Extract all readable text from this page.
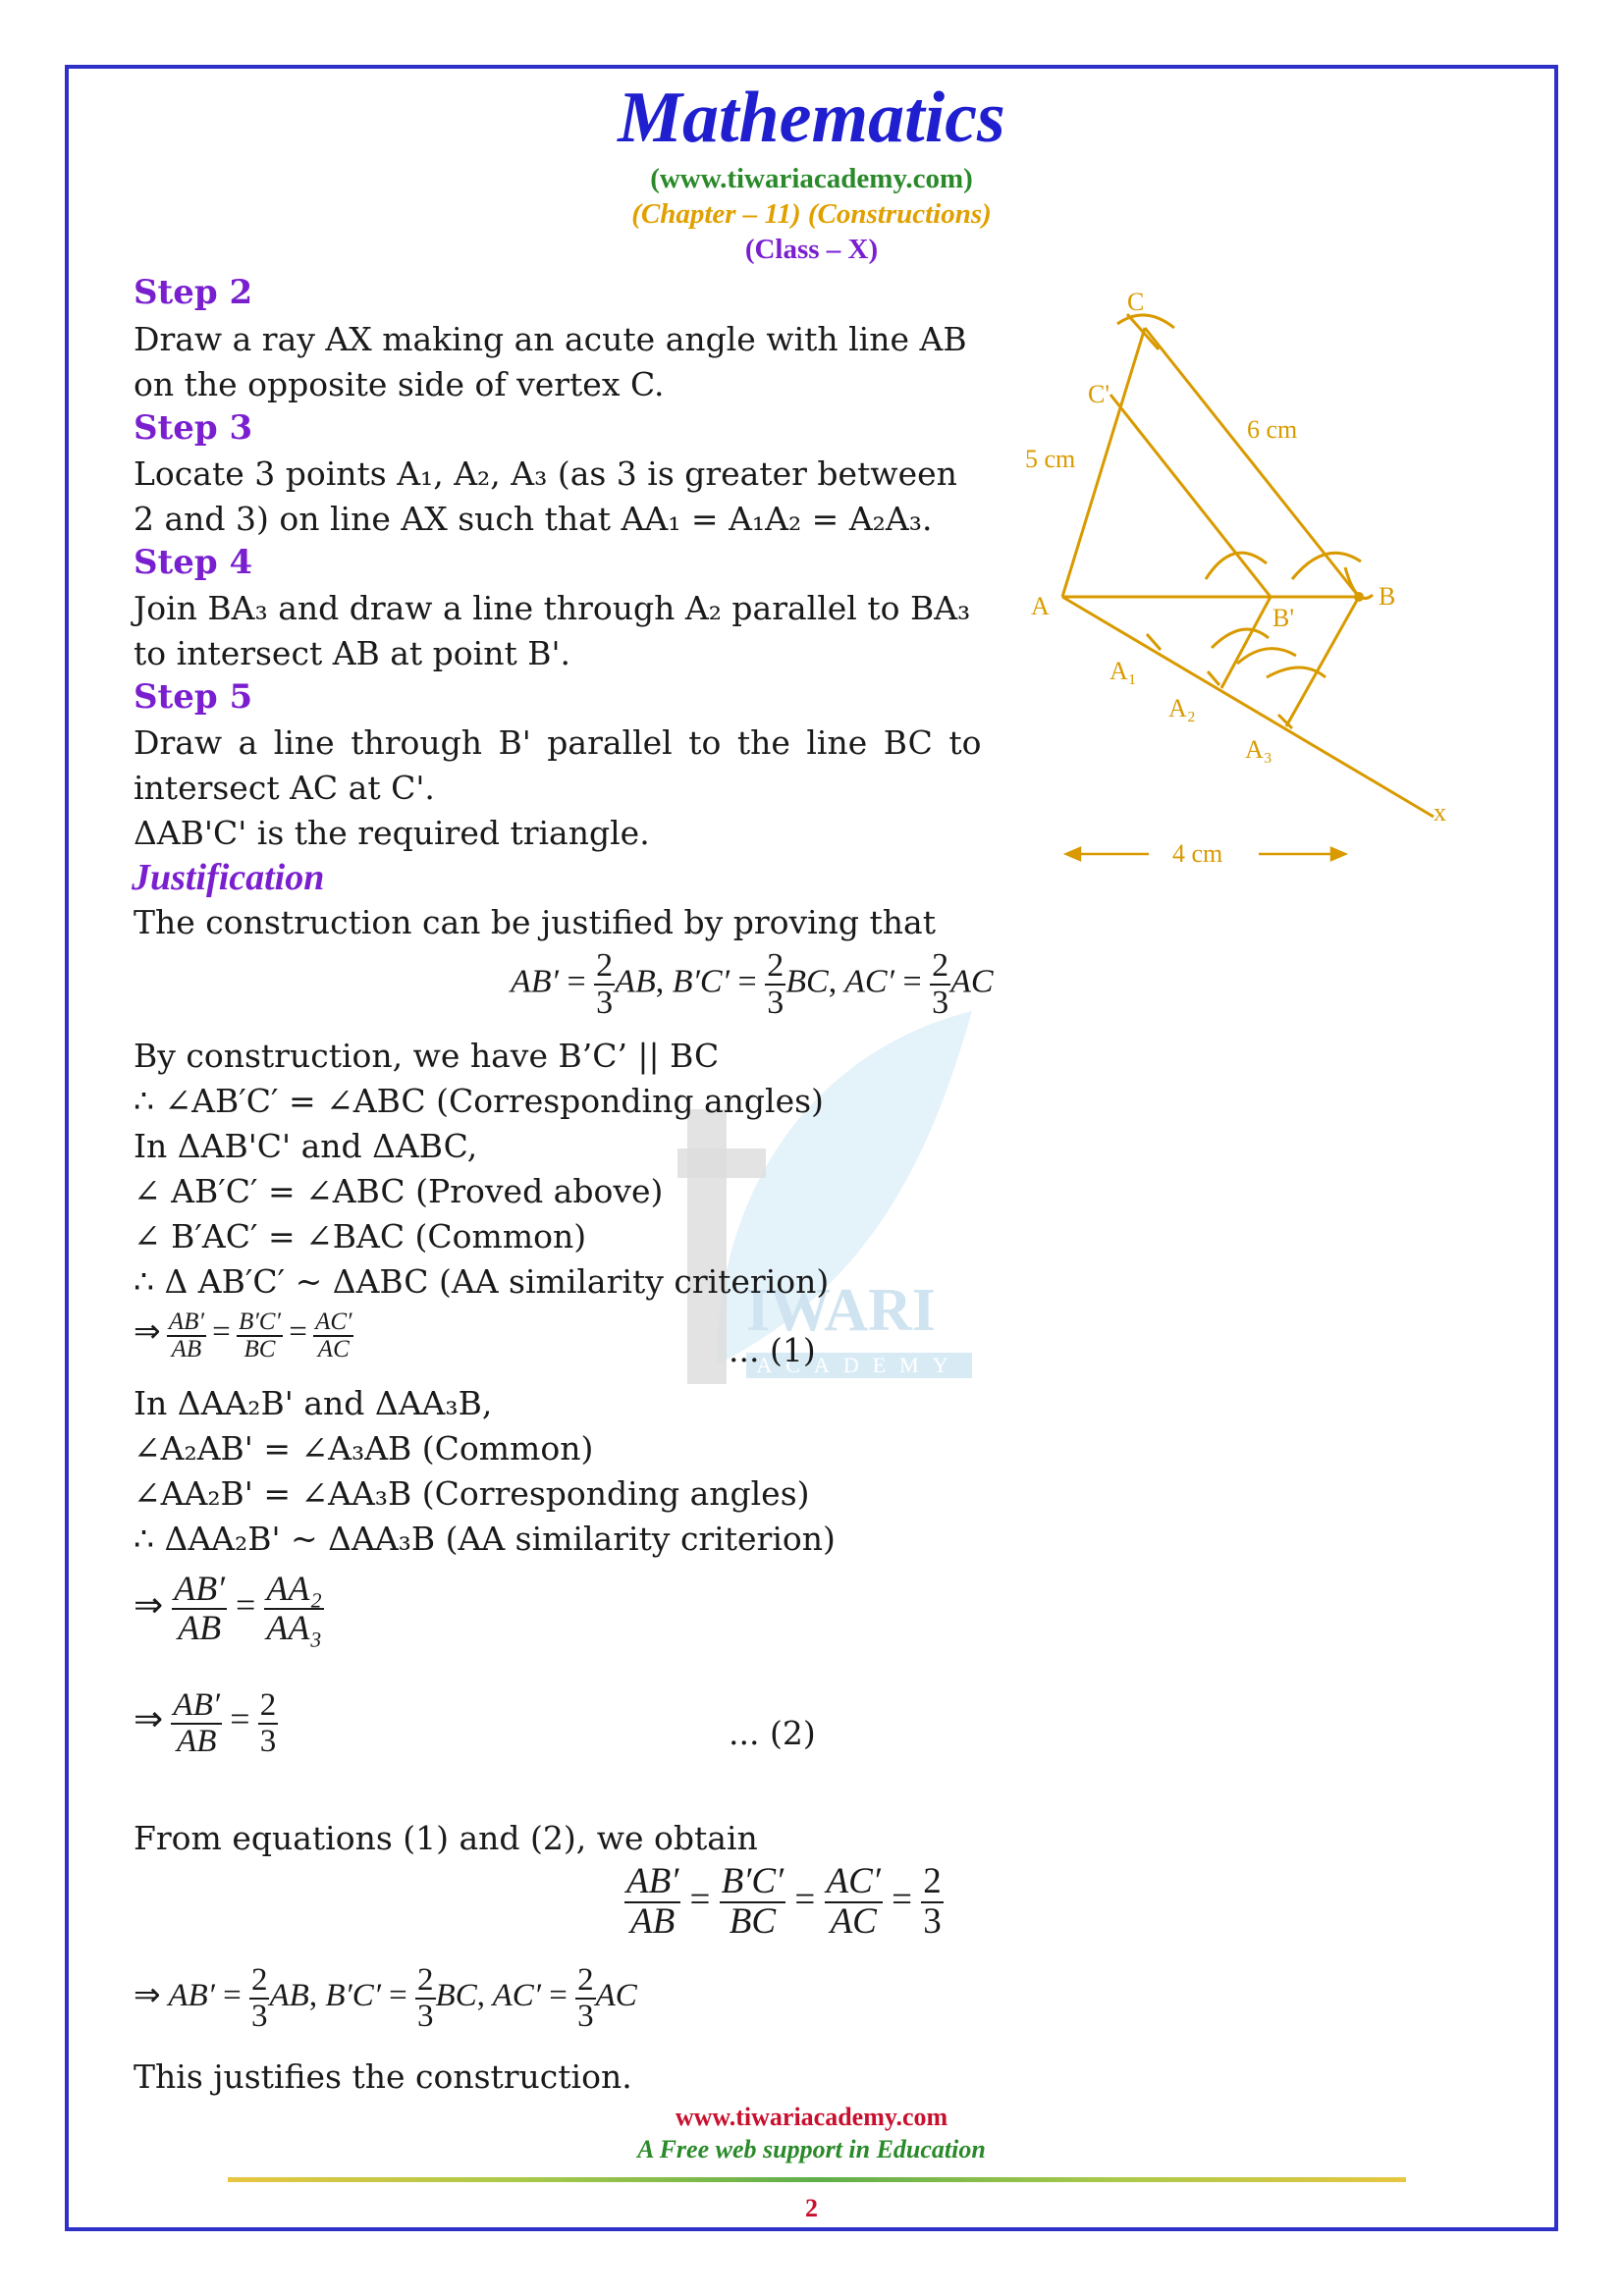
IWARI
ACADEMY
Mathematics
(www.tiwariacademy.com)
(Chapter – 11) (Constructions)
(Class – X)
Step 2
Draw a ray AX making an acute angle with line AB
on the opposite side of vertex C.
Step 3
Locate 3 points A₁, A₂, A₃ (as 3 is greater between
2 and 3) on line AX such that AA₁ = A₁A₂ = A₂A₃.
Step 4
Join BA₃ and draw a line through A₂ parallel to BA₃
to intersect AB at point B'.
Step 5
Draw a line through B' parallel to the line BC to
intersect AC at C'.
ΔAB'C' is the required triangle.
Justification
The construction can be justified by proving that
$AB' = \frac{2}{3}$ AB, $B'C' = \frac{2}{3}$ BC, $AC' = \frac{2}{3}$ AC
By construction, we have B’C’ || BC
∴ ∠AB′C′ = ∠ABC (Corresponding angles)
In ΔAB'C' and ΔABC,
∠ AB′C′ = ∠ABC (Proved above)
∠ B′AC′ = ∠BAC (Common)
∴ Δ AB′C′ ~ ΔABC (AA similarity criterion)
⇒ $\frac{AB'}{AB} = \frac{B'C'}{BC} = \frac{AC'}{AC}$	... (1)
In ΔAA₂B' and ΔAA₃B,
∠A₂AB' = ∠A₃AB (Common)
∠AA₂B' = ∠AA₃B (Corresponding angles)
∴ ΔAA₂B' ~ ΔAA₃B (AA similarity criterion)
⇒ $\frac{AB'}{AB} = \frac{\text{AA₂}}{\text{AA₃}}$
⇒ $\frac{AB'}{AB} = \frac{2}{3}$	... (2)
From equations (1) and (2), we obtain
$\frac{AB'}{AB} = \frac{B'C'}{BC} = \frac{AC'}{AC} = \frac{2}{3}$
⇒ $AB' = \frac{2}{3}$ AB, $B'C' = \frac{2}{3}$ BC, $AC' = \frac{2}{3}$ AC
This justifies the construction.
C
C'
A	B
B'
A₁
A₂
A₃
x
5 cm
6 cm
4 cm
www.tiwariacademy.com
A Free web support in Education
2
